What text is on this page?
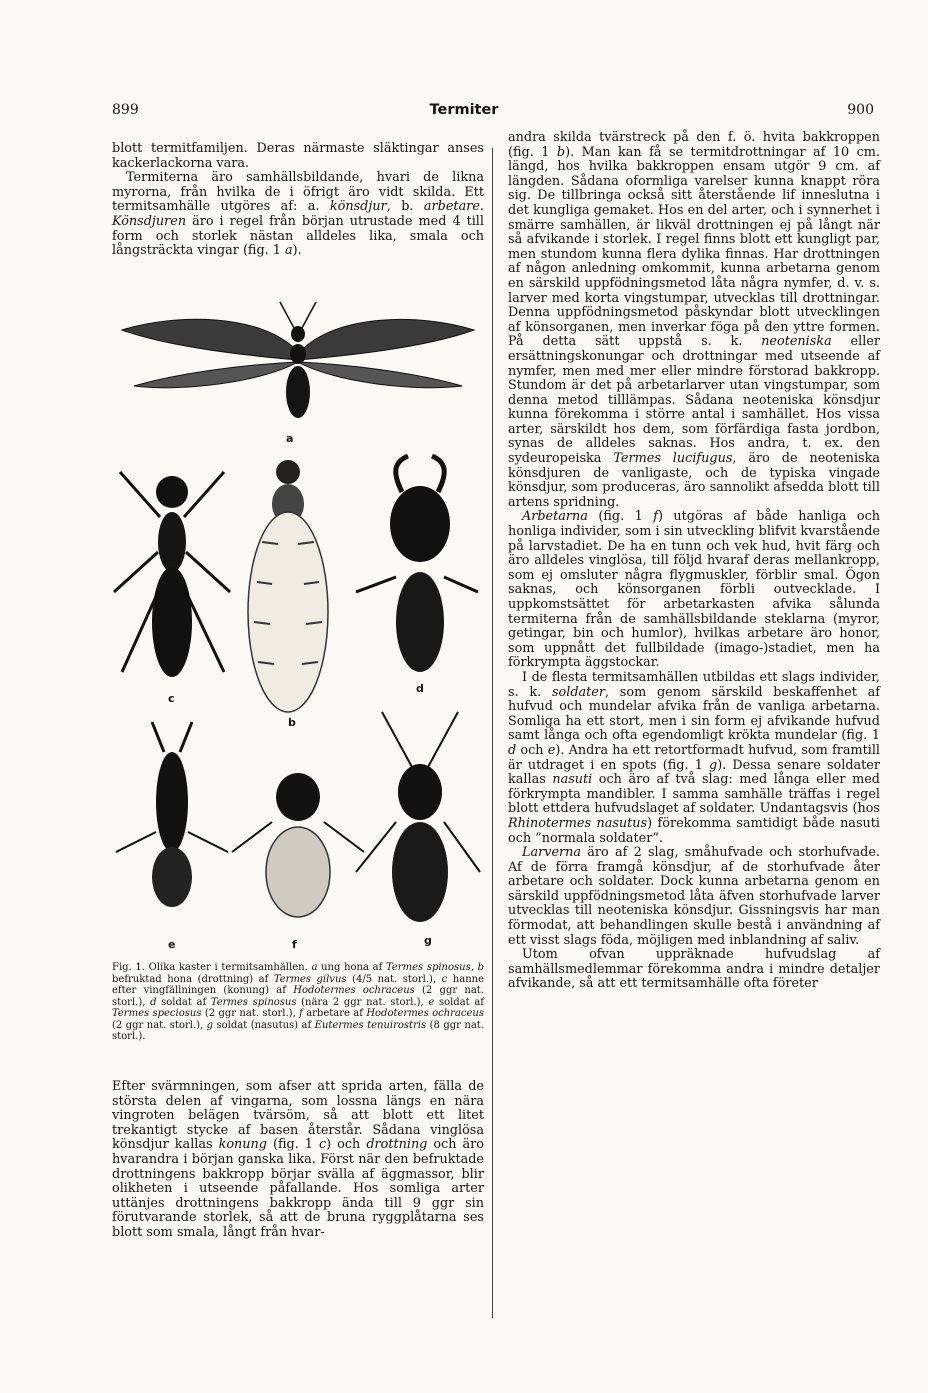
899	Termiter	900

blott termitfamiljen. Deras närmaste släktingar anses kackerlackorna vara.

Termiterna äro samhällsbildande, hvari de likna myrorna, från hvilka de i öfrigt äro vidt skilda. Ett termitsamhälle utgöres af: a. könsdjur, b. arbetare. Könsdjuren äro i regel från början utrustade med 4 till form och storlek nästan alldeles lika, smala och långsträckta vingar (fig. 1 a).

a
c
b
d
e	f	g
Fig. 1. Olika kaster i termitsamhällen. a ung hona af Termes spinosus, b befruktad hona (drottning) af Termes gilvus (4/5 nat. storl.), c hanne efter vingfällningen (konung) af Hodotermes ochraceus (2 ggr nat. storl.), d soldat af Termes spinosus (nära 2 ggr nat. storl.), e soldat af Termes speciosus (2 ggr nat. storl.), f arbetare af Hodotermes ochraceus (2 ggr nat. storl.), g soldat (nasutus) af Eutermes tenuirostris (8 ggr nat. storl.).

Efter svärmningen, som afser att sprida arten, fälla de största delen af vingarna, som lossna längs en nära vingroten belägen tvärsöm, så att blott ett litet trekantigt stycke af basen återstår. Sådana vinglösa könsdjur kallas konung (fig. 1 c) och drottning och äro hvarandra i början ganska lika. Först när den befruktade drottningens bakkropp börjar svälla af äggmassor, blir olikheten i utseende påfallande. Hos somliga arter uttänjes drottningens bakkropp ända till 9 ggr sin förutvarande storlek, så att de bruna ryggplåtarna ses blott som smala, långt från hvar-

andra skilda tvärstreck på den f. ö. hvita bakkroppen (fig. 1 b). Man kan få se termitdrottningar af 10 cm. längd, hos hvilka bakkroppen ensam utgör 9 cm. af längden. Sådana oformliga varelser kunna knappt röra sig. De tillbringa också sitt återstående lif inneslutna i det kungliga gemaket. Hos en del arter, och i synnerhet i smärre samhällen, är likväl drottningen ej på långt när så afvikande i storlek. I regel finns blott ett kungligt par, men stundom kunna flera dylika finnas. Har drottningen af någon anledning omkommit, kunna arbetarna genom en särskild uppfödningsmetod låta några nymfer, d. v. s. larver med korta vingstumpar, utvecklas till drottningar. Denna uppfödningsmetod påskyndar blott utvecklingen af könsorganen, men inverkar föga på den yttre formen. På detta sätt uppstå s. k. neoteniska eller ersättningskonungar och drottningar med utseende af nymfer, men med mer eller mindre förstorad bakkropp. Stundom är det på arbetarlarver utan vingstumpar, som denna metod tilllämpas. Sådana neoteniska könsdjur kunna förekomma i större antal i samhället. Hos vissa arter, särskildt hos dem, som förfärdiga fasta jordbon, synas de alldeles saknas. Hos andra, t. ex. den sydeuropeiska Termes lucifugus, äro de neoteniska könsdjuren de vanligaste, och de typiska vingade könsdjur, som produceras, äro sannolikt afsedda blott till artens spridning.

Arbetarna (fig. 1 f) utgöras af både hanliga och honliga individer, som i sin utveckling blifvit kvarstående på larvstadiet. De ha en tunn och vek hud, hvit färg och äro alldeles vinglösa, till följd hvaraf deras mellankropp, som ej omsluter några flygmuskler, förblir smal. Ögon saknas, och könsorganen förbli outvecklade. I uppkomstsättet för arbetarkasten afvika sålunda termiterna från de samhällsbildande steklarna (myror, getingar, bin och humlor), hvilkas arbetare äro honor, som uppnått det fullbildade (imago-)stadiet, men ha förkrympta äggstockar.

I de flesta termitsamhällen utbildas ett slags individer, s. k. soldater, som genom särskild beskaffenhet af hufvud och mundelar afvika från de vanliga arbetarna. Somliga ha ett stort, men i sin form ej afvikande hufvud samt långa och ofta egendomligt krökta mundelar (fig. 1 d och e). Andra ha ett retortformadt hufvud, som framtill är utdraget i en spots (fig. 1 g). Dessa senare soldater kallas nasuti och äro af två slag: med långa eller med förkrympta mandibler. I samma samhälle träffas i regel blott ettdera hufvudslaget af soldater. Undantagsvis (hos Rhinotermes nasutus) förekomma samtidigt både nasuti och ”normala soldater”.

Larverna äro af 2 slag, småhufvade och storhufvade. Af de förra framgå könsdjur, af de storhufvade åter arbetare och soldater. Dock kunna arbetarna genom en särskild uppfödningsmetod låta äfven storhufvade larver utvecklas till neoteniska könsdjur. Gissningsvis har man förmodat, att behandlingen skulle bestå i användning af ett visst slags föda, möjligen med inblandning af saliv.

Utom ofvan uppräknade hufvudslag af samhällsmedlemmar förekomma andra i mindre detaljer afvikande, så att ett termitsamhälle ofta företer
